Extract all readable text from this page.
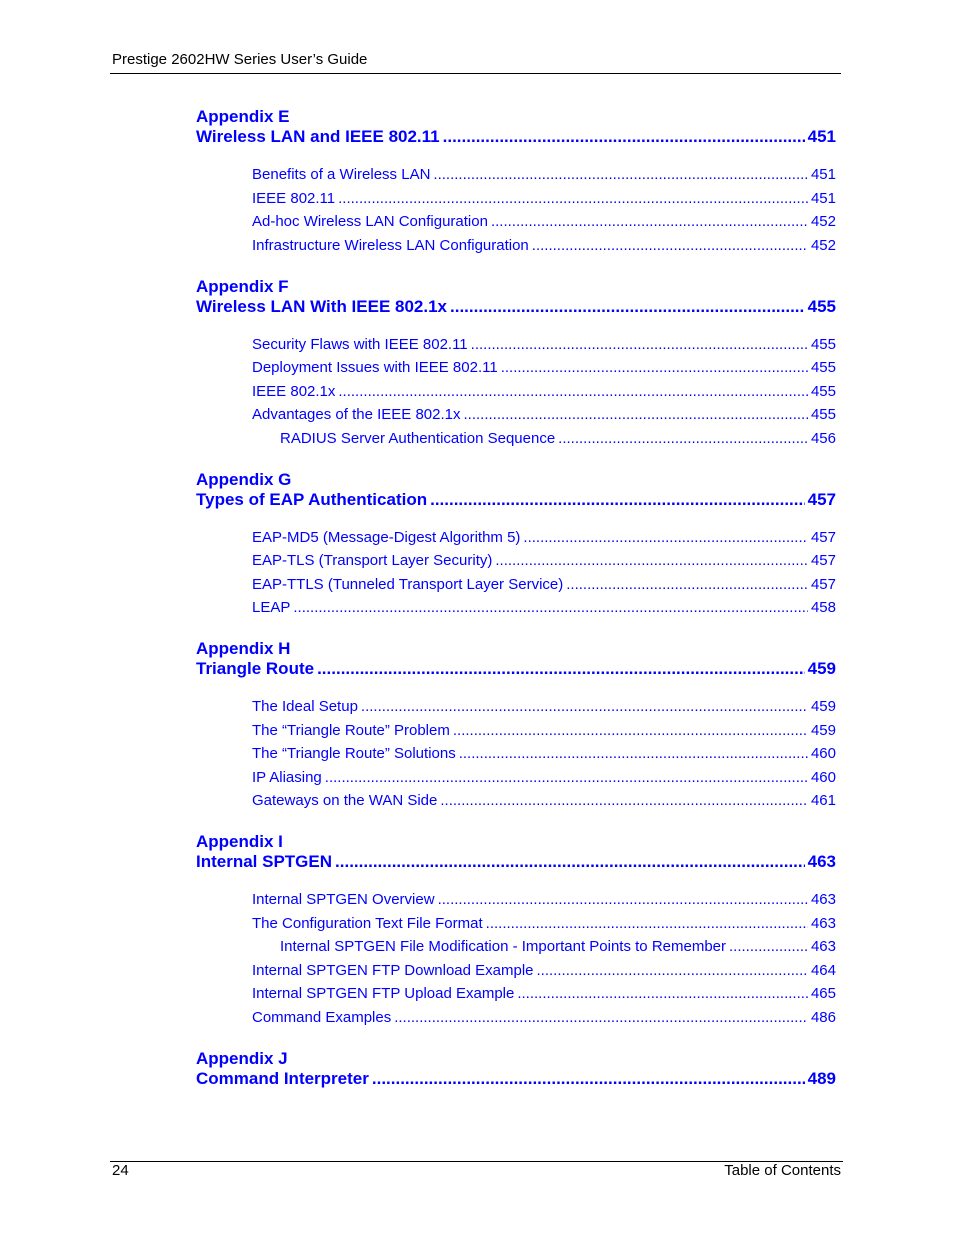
Prestige 2602HW Series User’s Guide
Appendix E
Wireless LAN and IEEE 802.11 .....	451
Benefits of a Wireless LAN .....	451
IEEE 802.11 .....	451
Ad-hoc Wireless LAN Configuration .....	452
Infrastructure Wireless LAN Configuration .....	452
Appendix F
Wireless LAN With IEEE 802.1x .....	455
Security Flaws with IEEE 802.11 .....	455
Deployment Issues with IEEE 802.11 .....	455
IEEE 802.1x .....	455
Advantages of the IEEE 802.1x .....	455
RADIUS Server Authentication Sequence .....	456
Appendix G
Types of EAP Authentication .....	457
EAP-MD5 (Message-Digest Algorithm 5) .....	457
EAP-TLS (Transport Layer Security) .....	457
EAP-TTLS (Tunneled Transport Layer Service) .....	457
LEAP .....	458
Appendix H
Triangle Route .....	459
The Ideal Setup .....	459
The “Triangle Route” Problem .....	459
The “Triangle Route” Solutions .....	460
IP Aliasing .....	460
Gateways on the WAN Side .....	461
Appendix I
Internal SPTGEN .....	463
Internal SPTGEN Overview .....	463
The Configuration Text File Format .....	463
Internal SPTGEN File Modification - Important Points to Remember .....	463
Internal SPTGEN FTP Download Example .....	464
Internal SPTGEN FTP Upload Example .....	465
Command Examples .....	486
Appendix J
Command Interpreter .....	489
24	Table of Contents
